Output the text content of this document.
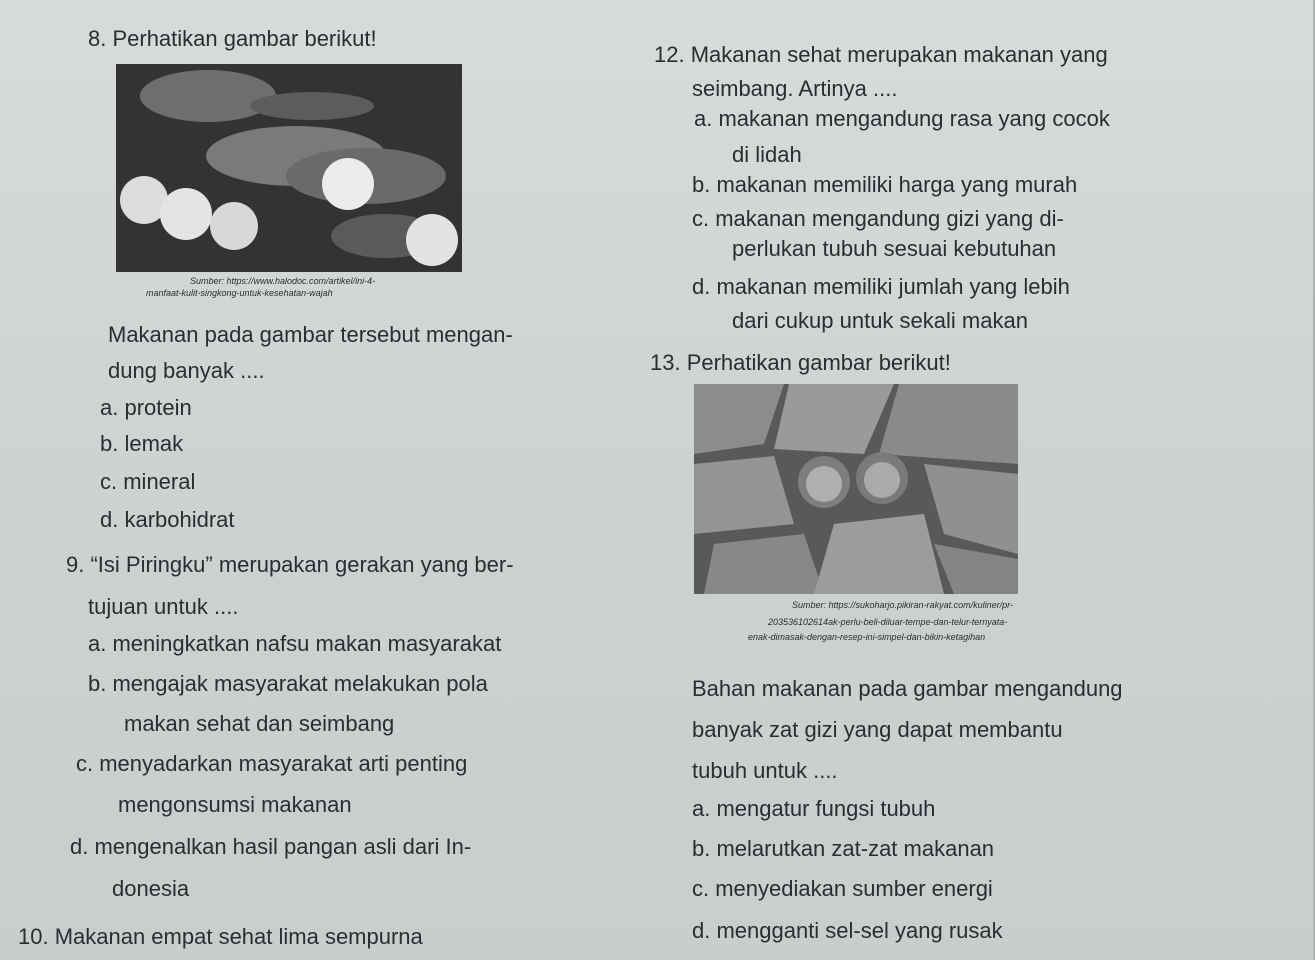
8. Perhatikan gambar berikut!
Sumber: https://www.halodoc.com/artikel/ini-4-
manfaat-kulit-singkong-untuk-kesehatan-wajah
Makanan pada gambar tersebut mengan-
dung banyak ....
a. protein
b. lemak
c. mineral
d. karbohidrat
9. “Isi Piringku” merupakan gerakan yang ber-
tujuan untuk ....
a. meningkatkan nafsu makan masyarakat
b. mengajak masyarakat melakukan pola
makan sehat dan seimbang
c. menyadarkan masyarakat arti penting
mengonsumsi makanan
d. mengenalkan hasil pangan asli dari In-
donesia
10. Makanan empat sehat lima sempurna
12. Makanan sehat merupakan makanan yang
seimbang. Artinya ....
a. makanan mengandung rasa yang cocok
di lidah
b. makanan memiliki harga yang murah
c. makanan mengandung gizi yang di-
perlukan tubuh sesuai kebutuhan
d. makanan memiliki jumlah yang lebih
dari cukup untuk sekali makan
13. Perhatikan gambar berikut!
Sumber: https://sukoharjo.pikiran-rakyat.com/kuliner/pr-
203536102614ak-perlu-beli-diluar-tempe-dan-telur-ternyata-
enak-dimasak-dengan-resep-ini-simpel-dan-bikin-ketagihan
Bahan makanan pada gambar mengandung
banyak zat gizi yang dapat membantu
tubuh untuk ....
a. mengatur fungsi tubuh
b. melarutkan zat-zat makanan
c. menyediakan sumber energi
d. mengganti sel-sel yang rusak
